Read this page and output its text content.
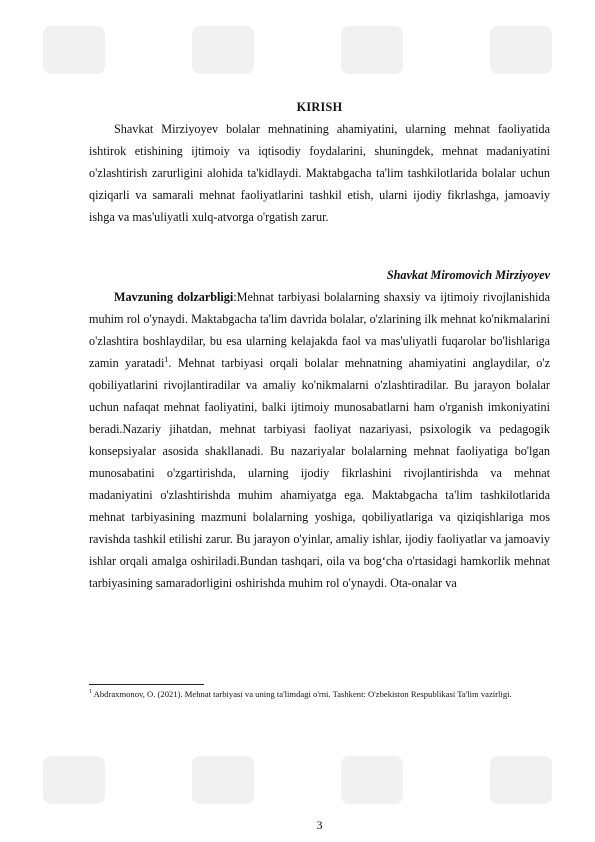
KIRISH

Shavkat Mirziyoyev bolalar mehnatining ahamiyatini, ularning mehnat faoliyatida ishtirok etishining ijtimoiy va iqtisodiy foydalarini, shuningdek, mehnat madaniyatini o'zlashtirish zarurligini alohida ta'kidlaydi. Maktabgacha ta'lim tashkilotlarida bolalar uchun qiziqarli va samarali mehnat faoliyatlarini tashkil etish, ularni ijodiy fikrlashga, jamoaviy ishga va mas'uliyatli xulq-atvorga o'rgatish zarur.

Shavkat Miromovich Mirziyoyev

Mavzuning dolzarbligi:Mehnat tarbiyasi bolalarning shaxsiy va ijtimoiy rivojlanishida muhim rol o'ynaydi. Maktabgacha ta'lim davrida bolalar, o'zlarining ilk mehnat ko'nikmalarini o'zlashtira boshlaydilar, bu esa ularning kelajakda faol va mas'uliyatli fuqarolar bo'lishlariga zamin yaratadi$^1$. Mehnat tarbiyasi orqali bolalar mehnatning ahamiyatini anglaydilar, o'z qobiliyatlarini rivojlantiradilar va amaliy ko'nikmalarni o'zlashtiradilar. Bu jarayon bolalar uchun nafaqat mehnat faoliyatini, balki ijtimoiy munosabatlarni ham o'rganish imkoniyatini beradi.Nazariy jihatdan, mehnat tarbiyasi faoliyat nazariyasi, psixologik va pedagogik konsepsiyalar asosida shakllanadi. Bu nazariyalar bolalarning mehnat faoliyatiga bo'lgan munosabatini o'zgartirishda, ularning ijodiy fikrlashini rivojlantirishda va mehnat madaniyatini o'zlashtirishda muhim ahamiyatga ega. Maktabgacha ta'lim tashkilotlarida mehnat tarbiyasining mazmuni bolalarning yoshiga, qobiliyatlariga va qiziqishlariga mos ravishda tashkil etilishi zarur. Bu jarayon o'yinlar, amaliy ishlar, ijodiy faoliyatlar va jamoaviy ishlar orqali amalga oshiriladi.Bundan tashqari, oila va bog‘cha o'rtasidagi hamkorlik mehnat tarbiyasining samaradorligini oshirishda muhim rol o'ynaydi. Ota-onalar va

$^1$ Abdraxmonov, O. (2021). Mehnat tarbiyasi va uning ta'limdagi o'rni. Tashkent: O'zbekiston Respublikasi Ta'lim vazirligi.

3
